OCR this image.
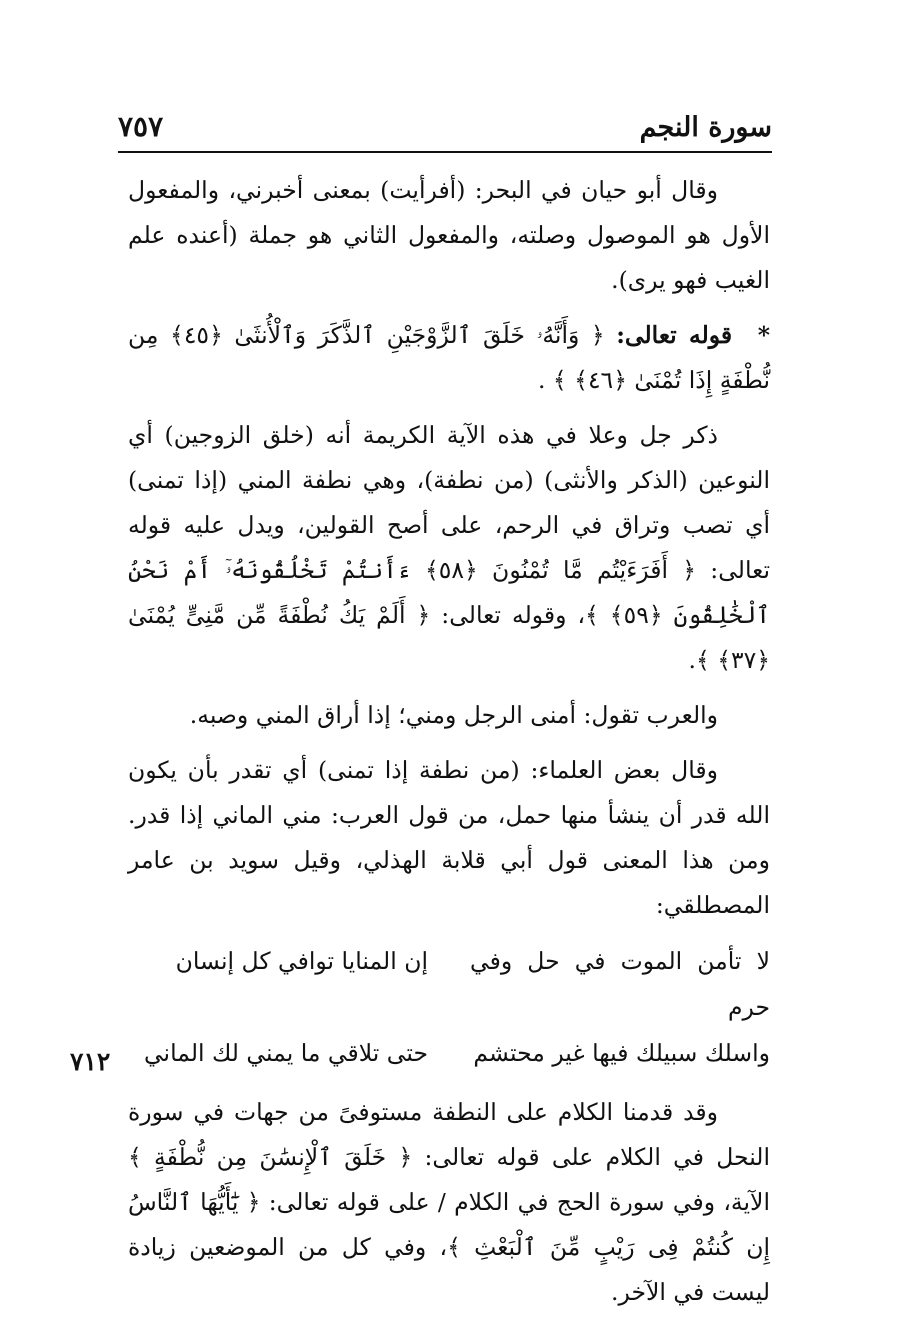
سورة النجم
٧٥٧

وقال أبو حيان في البحر: (أفرأيت) بمعنى أخبرني، والمفعول الأول هو الموصول وصلته، والمفعول الثاني هو جملة (أعنده علم الغيب فهو يرى).

* قوله تعالى: ﴿ وَأَنَّهُۥ خَلَقَ ٱلزَّوْجَيْنِ ٱلذَّكَرَ وَٱلْأُنثَىٰ ﴿٤٥﴾ مِن نُّطْفَةٍ إِذَا تُمْنَىٰ ﴿٤٦﴾ ﴾ .

ذكر جل وعلا في هذه الآية الكريمة أنه (خلق الزوجين) أي النوعين (الذكر والأنثى) (من نطفة)، وهي نطفة المني (إذا تمنى) أي تصب وتراق في الرحم، على أصح القولين، ويدل عليه قوله تعالى: ﴿ أَفَرَءَيْتُم مَّا تُمْنُونَ ﴿٥٨﴾ ءَأَنتُمْ تَخْلُقُونَهُۥٓ أَمْ نَحْنُ ٱلْخَٰلِقُونَ ﴿٥٩﴾ ﴾، وقوله تعالى: ﴿ أَلَمْ يَكُ نُطْفَةً مِّن مَّنِىٍّ يُمْنَىٰ ﴿٣٧﴾ ﴾.

والعرب تقول: أمنى الرجل ومني؛ إذا أراق المني وصبه.

وقال بعض العلماء: (من نطفة إذا تمنى) أي تقدر بأن يكون الله قدر أن ينشأ منها حمل، من قول العرب: مني الماني إذا قدر. ومن هذا المعنى قول أبي قلابة الهذلي، وقيل سويد بن عامر المصطلقي:

لا تأمن الموت في حل وفي حرم
إن المنايا توافي كل إنسان
واسلك سبيلك فيها غير محتشم
حتى تلاقي ما يمني لك الماني

وقد قدمنا الكلام على النطفة مستوفىً من جهات في سورة النحل في الكلام على قوله تعالى: ﴿ خَلَقَ ٱلْإِنسَٰنَ مِن نُّطْفَةٍ ﴾ الآية، وفي سورة الحج في الكلام / على قوله تعالى: ﴿ يَٰٓأَيُّهَا ٱلنَّاسُ إِن كُنتُمْ فِى رَيْبٍ مِّنَ ٱلْبَعْثِ ﴾، وفي كل من الموضعين زيادة ليست في الآخر.

٧١٢
